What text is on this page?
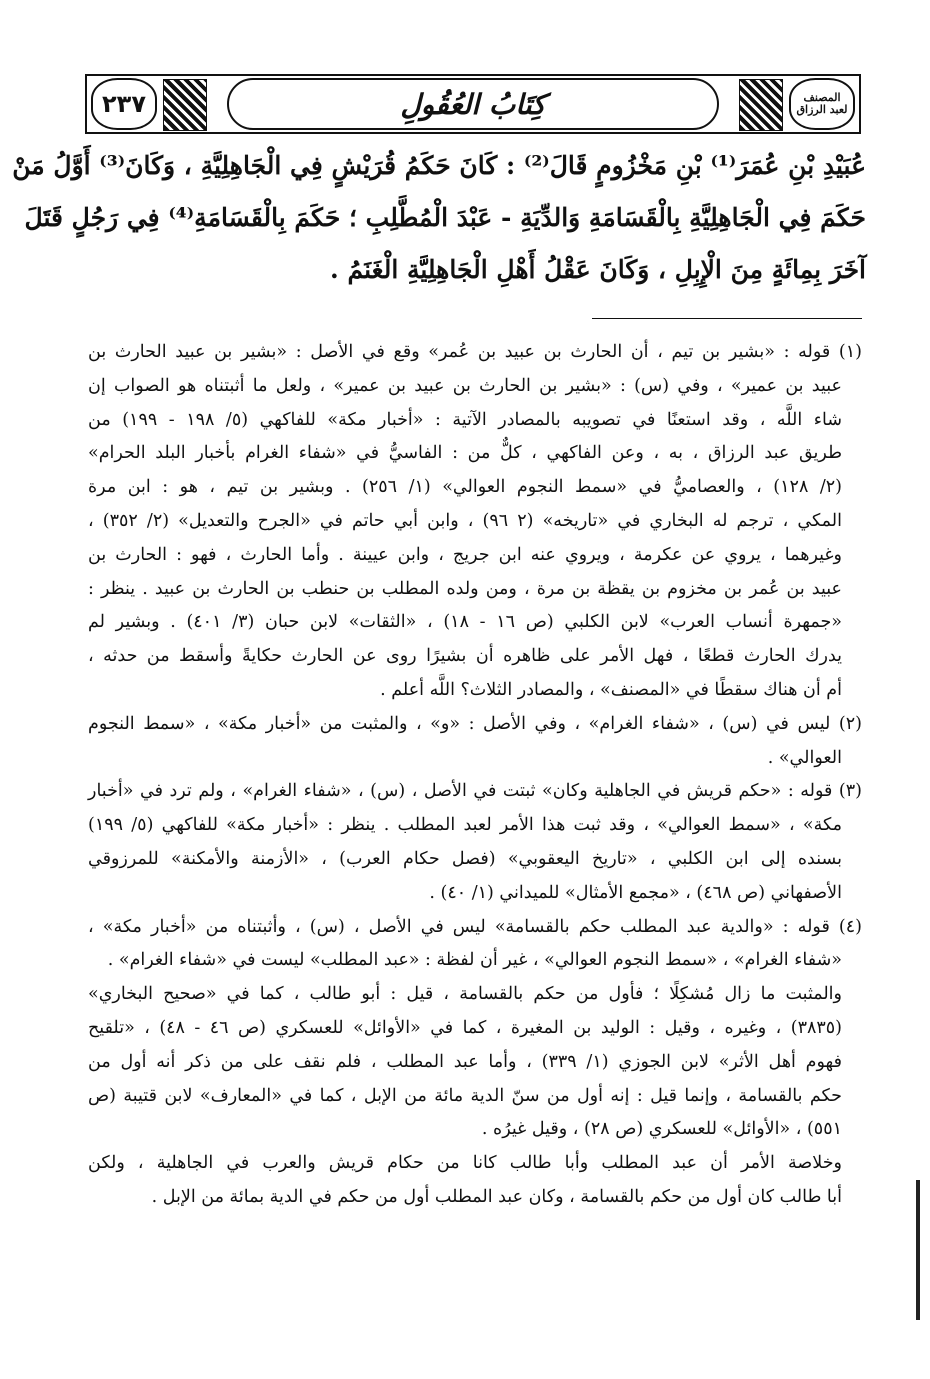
المصنف
لعبد الرزاق
كِتَابُ العُقُولِ
٢٣٧
عُبَيْدِ بْنِ عُمَرَ⁽¹⁾ بْنِ مَخْزُومٍ قَالَ⁽²⁾ : كَانَ حَكَمُ قُرَيْشٍ فِي الْجَاهِلِيَّةِ ، وَكَانَ⁽³⁾ أَوَّلُ مَنْ
حَكَمَ فِي الْجَاهِلِيَّةِ بِالْقَسَامَةِ وَالدِّيَةِ - عَبْدَ الْمُطَّلِبِ ؛ حَكَمَ بِالْقَسَامَةِ⁽⁴⁾ فِي رَجُلٍ قَتَلَ
آخَرَ بِمِائَةٍ مِنَ الْإِبِلِ ، وَكَانَ عَقْلُ أَهْلِ الْجَاهِلِيَّةِ الْغَنَمُ .
(١) قوله : «بشير بن تيم ، أن الحارث بن عبيد بن عُمر» وقع في الأصل : «بشير بن عبيد الحارث بن
عبيد بن عمير» ، وفي (س) : «بشير بن الحارث بن عبيد بن عمير» ، ولعل ما أثبتناه هو الصواب إن
شاء اللَّه ، وقد استعنًا في تصويبه بالمصادر الآتية : «أخبار مكة» للفاكهي (٥/ ١٩٨ - ١٩٩) من
طريق عبد الرزاق ، به ، وعن الفاكهي ، كلٌّ من : الفاسيُّ في «شفاء الغرام بأخبار البلد الحرام»
(٢/ ١٢٨) ، والعصاميُّ في «سمط النجوم العوالي» (١/ ٢٥٦) . وبشير بن تيم ، هو : ابن مرة
المكي ، ترجم له البخاري في «تاريخه» (٢ ٩٦) ، وابن أبي حاتم في «الجرح والتعديل» (٢/ ٣٥٢) ،
وغيرهما ، يروي عن عكرمة ، ويروي عنه ابن جريج ، وابن عيينة . وأما الحارث ، فهو : الحارث بن
عبيد بن عُمر بن مخزوم بن يقظة بن مرة ، ومن ولده المطلب بن حنطب بن الحارث بن عبيد . ينظر :
«جمهرة أنساب العرب» لابن الكلبي (ص ١٦ - ١٨) ، «الثقات» لابن حبان (٣/ ٤٠١) . وبشير لم
يدرك الحارث قطعًا ، فهل الأمر على ظاهره أن بشيرًا روى عن الحارث حكايةً وأسقط من حدثه ،
أم أن هناك سقطًا في «المصنف» ، والمصادر الثلاث؟ اللَّه أعلم .
(٢) ليس في (س) ، «شفاء الغرام» ، وفي الأصل : «و» ، والمثبت من «أخبار مكة» ، «سمط النجوم
العوالي» .
(٣) قوله : «حكم قريش في الجاهلية وكان» ثبتت في الأصل ، (س) ، «شفاء الغرام» ، ولم ترد في «أخبار
مكة» ، «سمط العوالي» ، وقد ثبت هذا الأمر لعبد المطلب . ينظر : «أخبار مكة» للفاكهي (٥/ ١٩٩)
بسنده إلى ابن الكلبي ، «تاريخ اليعقوبي» (فصل حكام العرب) ، «الأزمنة والأمكنة» للمرزوقي
الأصفهاني (ص ٤٦٨) ، «مجمع الأمثال» للميداني (١/ ٤٠) .
(٤) قوله : «والدية عبد المطلب حكم بالقسامة» ليس في الأصل ، (س) ، وأثبتناه من «أخبار مكة» ،
«شفاء الغرام» ، «سمط النجوم العوالي» ، غير أن لفظة : «عبد المطلب» ليست في «شفاء الغرام» .
والمثبت ما زال مُشكِلًا ؛ فأول من حكم بالقسامة ، قيل : أبو طالب ، كما في «صحيح البخاري»
(٣٨٣٥) ، وغيره ، وقيل : الوليد بن المغيرة ، كما في «الأوائل» للعسكري (ص ٤٦ - ٤٨) ، «تلقيح
فهوم أهل الأثر» لابن الجوزي (١/ ٣٣٩) ، وأما عبد المطلب ، فلم نقف على من ذكر أنه أول من
حكم بالقسامة ، وإنما قيل : إنه أول من سنّ الدية مائة من الإبل ، كما في «المعارف» لابن قتيبة (ص
٥٥١) ، «الأوائل» للعسكري (ص ٢٨) ، وقيل غيرُه .
وخلاصة الأمر أن عبد المطلب وأبا طالب كانا من حكام قريش والعرب في الجاهلية ، ولكن
أبا طالب كان أول من حكم بالقسامة ، وكان عبد المطلب أول من حكم في الدية بمائة من الإبل .
